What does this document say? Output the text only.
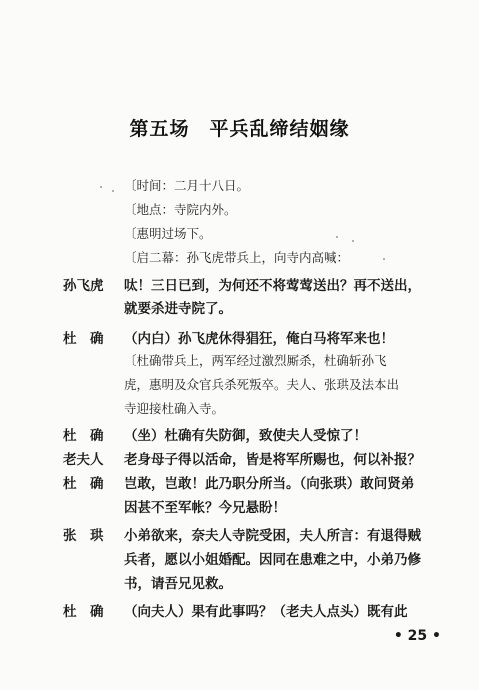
第五场　平兵乱缔结姻缘
〔时间：二月十八日。
〔地点：寺院内外。
〔惠明过场下。
〔启二幕：孙飞虎带兵上，向寺内高喊：
孙飞虎	呔！三日已到，为何还不将莺莺送出？再不送出，
就要杀进寺院了。
杜　确	（内白）孙飞虎休得猖狂，俺白马将军来也！
〔杜确带兵上，两军经过激烈厮杀，杜确斩孙飞
虎，惠明及众官兵杀死叛卒。夫人、张珙及法本出
寺迎接杜确入寺。
杜　确	（坐）杜确有失防御，致使夫人受惊了！
老夫人	老身母子得以活命，皆是将军所赐也，何以补报？
杜　确	岂敢，岂敢！此乃职分所当。（向张珙）敢问贤弟
因甚不至军帐？今兄悬盼！
张　珙	小弟欲来，奈夫人寺院受困，夫人所言：有退得贼
兵者，愿以小姐婚配。因同在患难之中，小弟乃修
书，请吾兄见救。
杜　确	（向夫人）果有此事吗？（老夫人点头）既有此
• 25 •
